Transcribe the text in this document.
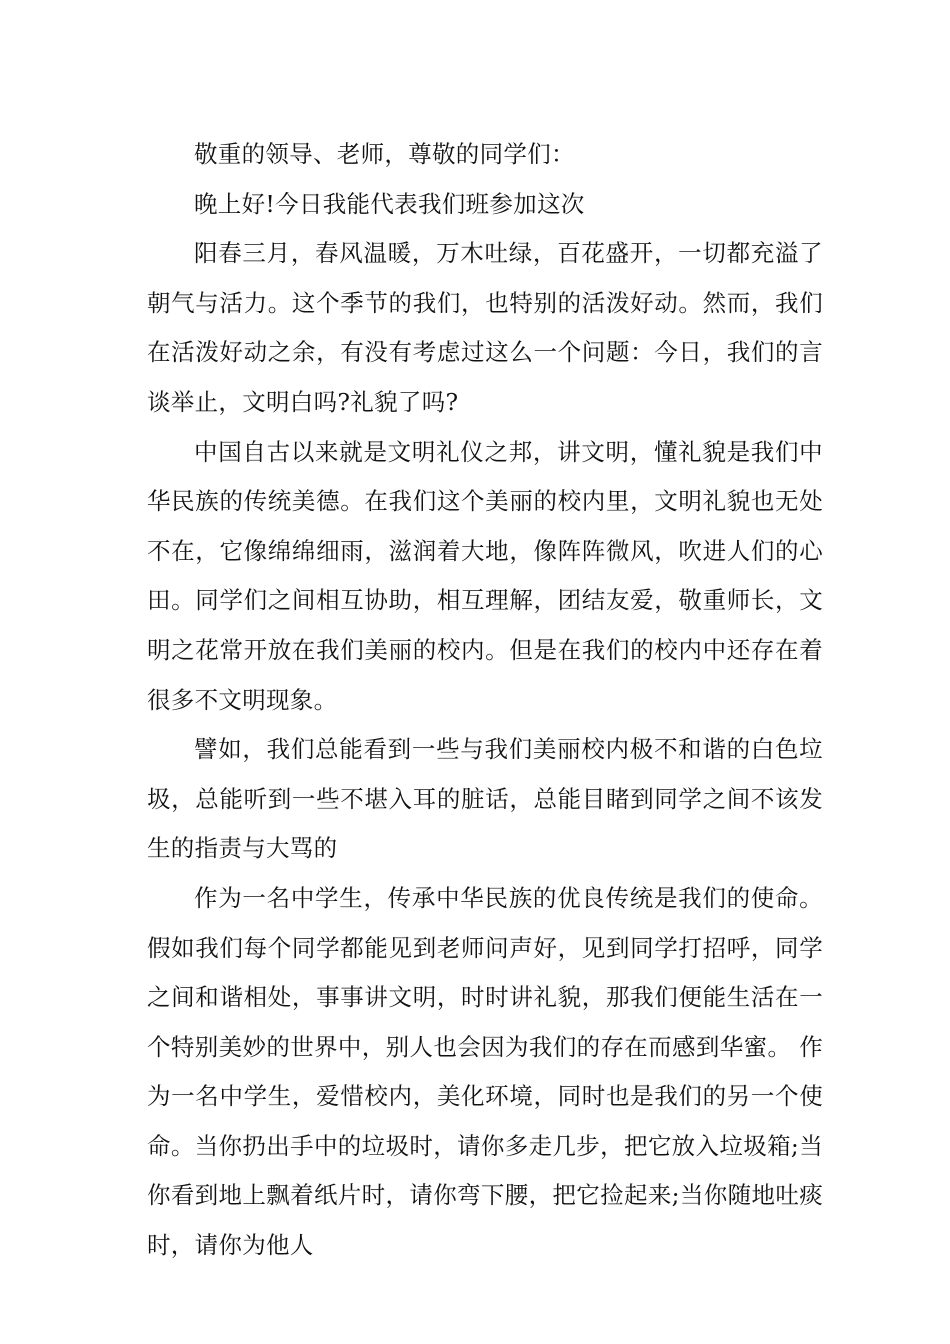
敬重的领导、老师，尊敬的同学们：

晚上好!今日我能代表我们班参加这次

阳春三月，春风温暖，万木吐绿，百花盛开，一切都充溢了朝气与活力。这个季节的我们，也特别的活泼好动。然而，我们在活泼好动之余，有没有考虑过这么一个问题：今日，我们的言谈举止，文明白吗?礼貌了吗?

中国自古以来就是文明礼仪之邦，讲文明，懂礼貌是我们中华民族的传统美德。在我们这个美丽的校内里，文明礼貌也无处不在，它像绵绵细雨，滋润着大地，像阵阵微风，吹进人们的心田。同学们之间相互协助，相互理解，团结友爱，敬重师长，文明之花常开放在我们美丽的校内。但是在我们的校内中还存在着很多不文明现象。

譬如，我们总能看到一些与我们美丽校内极不和谐的白色垃圾，总能听到一些不堪入耳的脏话，总能目睹到同学之间不该发生的指责与大骂的

作为一名中学生，传承中华民族的优良传统是我们的使命。假如我们每个同学都能见到老师问声好，见到同学打招呼，同学之间和谐相处，事事讲文明，时时讲礼貌，那我们便能生活在一个特别美妙的世界中，别人也会因为我们的存在而感到华蜜。 作为一名中学生，爱惜校内，美化环境，同时也是我们的另一个使命。当你扔出手中的垃圾时，请你多走几步，把它放入垃圾箱;当你看到地上飘着纸片时，请你弯下腰，把它捡起来;当你随地吐痰时，请你为他人
